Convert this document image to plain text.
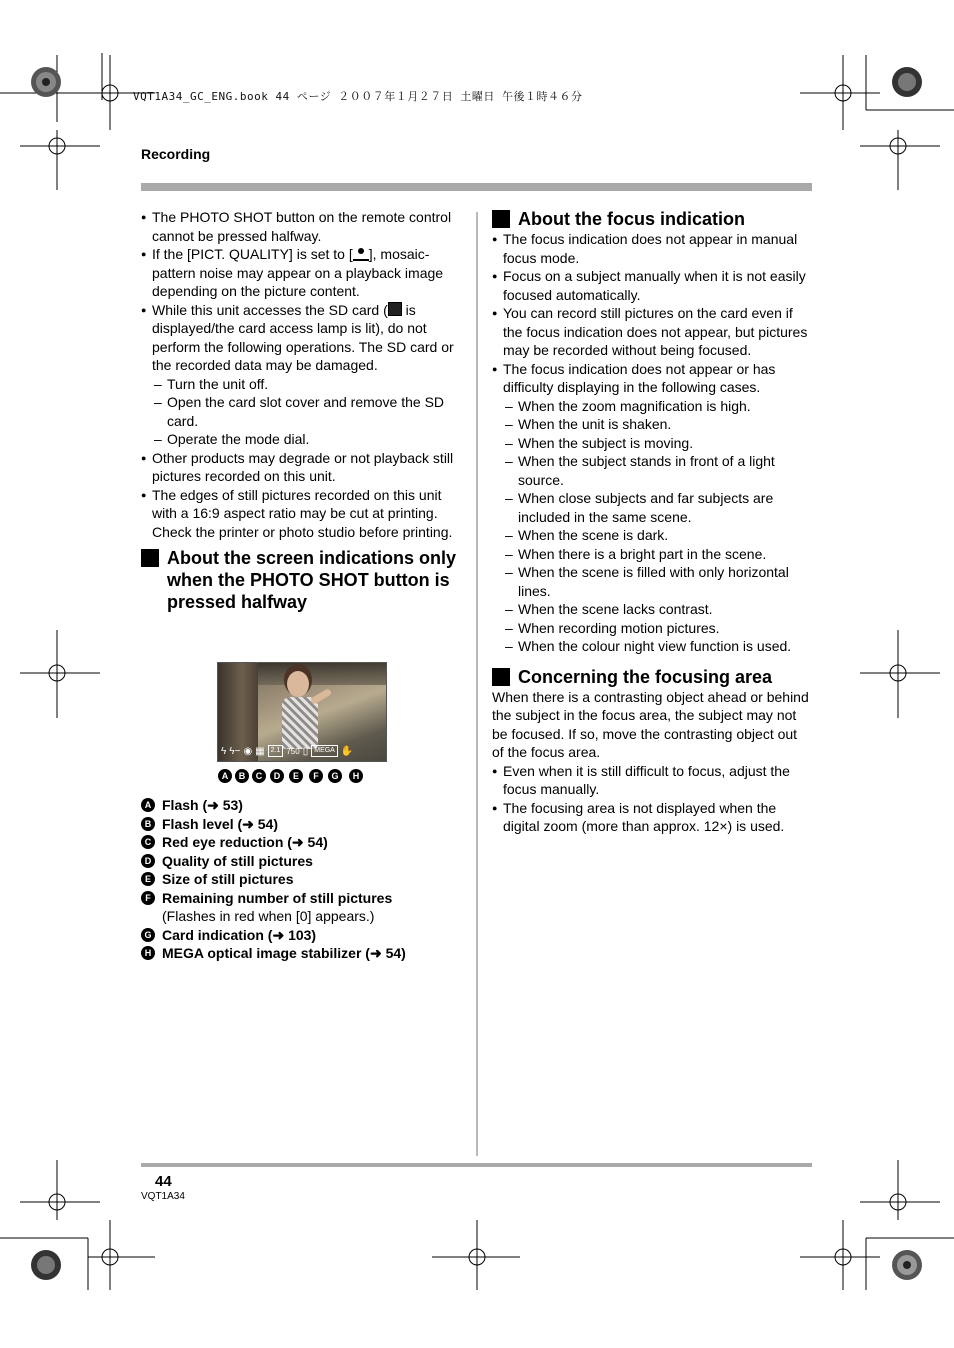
VQT1A34_GC_ENG.book 44 ページ ２００７年１月２７日 土曜日 午後１時４６分
Recording

● The PHOTO SHOT button on the remote control cannot be pressed halfway.

● If the [PICT. QUALITY] is set to [ ], mosaic-pattern noise may appear on a playback image depending on the picture content.

● While this unit accesses the SD card ( is displayed/the card access lamp is lit), do not perform the following operations. The SD card or the recorded data may be damaged.

– Turn the unit off.

– Open the card slot cover and remove the SD card.

– Operate the mode dial.

● Other products may degrade or not playback still pictures recorded on this unit.

● The edges of still pictures recorded on this unit with a 16:9 aspect ratio may be cut at printing. Check the printer or photo studio before printing.

About the screen indications only when the PHOTO SHOT button is pressed halfway

ϟ ϟ− ◉ ▦ 2.1 750 ▯ MEGA ✋
A	B	C	D	E	F	G	H

A Flash (➜ 53)

B Flash level (➜ 54)

C Red eye reduction (➜ 54)

D Quality of still pictures

E Size of still pictures

F Remaining number of still pictures

(Flashes in red when [0] appears.)

G Card indication (➜ 103)

H MEGA optical image stabilizer (➜ 54)

About the focus indication

● The focus indication does not appear in manual focus mode.

● Focus on a subject manually when it is not easily focused automatically.

● You can record still pictures on the card even if the focus indication does not appear, but pictures may be recorded without being focused.

● The focus indication does not appear or has difficulty displaying in the following cases.

– When the zoom magnification is high.

– When the unit is shaken.

– When the subject is moving.

– When the subject stands in front of a light source.

– When close subjects and far subjects are included in the same scene.

– When the scene is dark.

– When there is a bright part in the scene.

– When the scene is filled with only horizontal lines.

– When the scene lacks contrast.

– When recording motion pictures.

– When the colour night view function is used.

Concerning the focusing area

When there is a contrasting object ahead or behind the subject in the focus area, the subject may not be focused. If so, move the contrasting object out of the focus area.

● Even when it is still difficult to focus, adjust the focus manually.

● The focusing area is not displayed when the digital zoom (more than approx. 12×) is used.

44
VQT1A34
